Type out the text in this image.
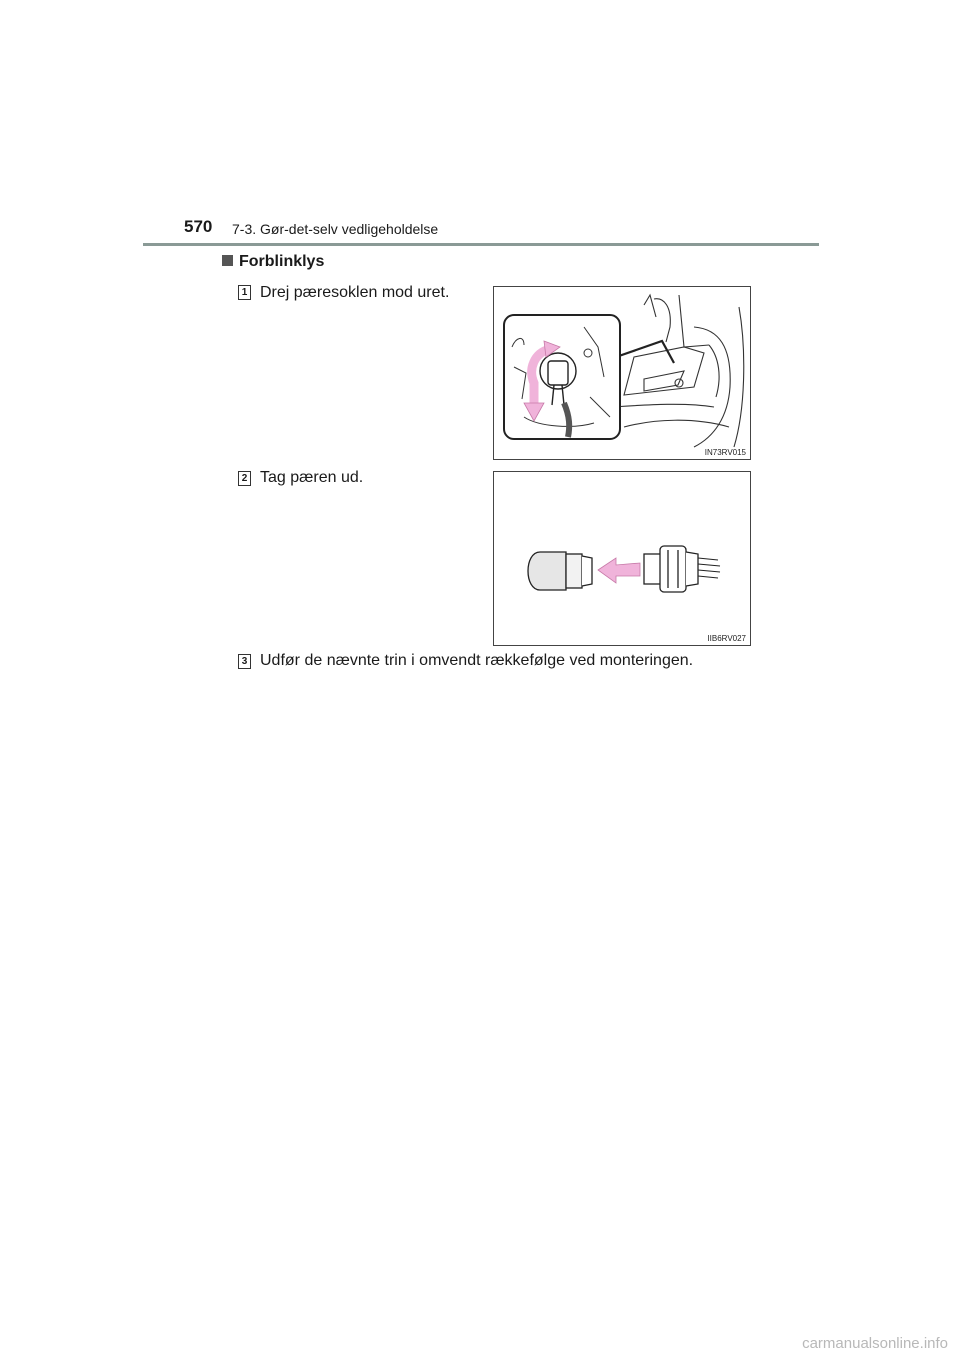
570 7-3. Gør-det-selv vedligeholdelse
Forblinklys
1 Drej pæresoklen mod uret.
IN73RV015
2 Tag pæren ud.
IIB6RV027
3 Udfør de nævnte trin i omvendt rækkefølge ved monteringen.
carmanualsonline.info
